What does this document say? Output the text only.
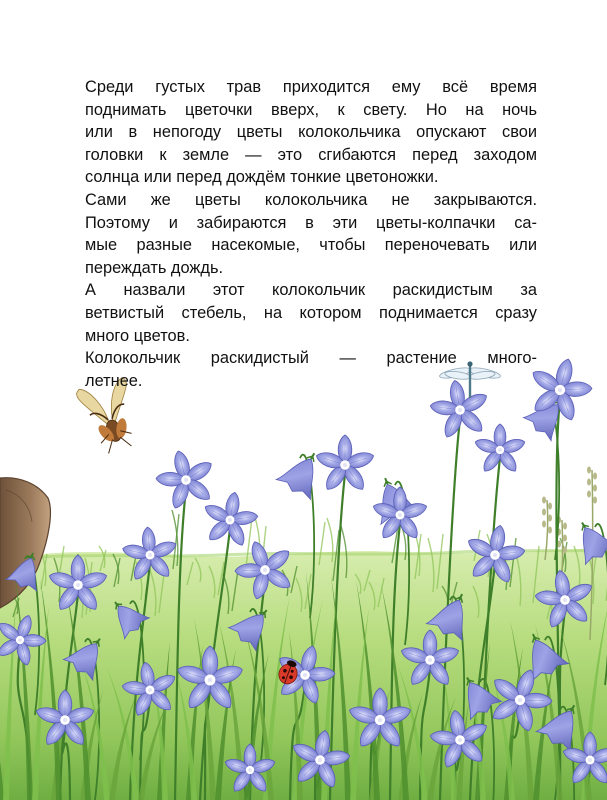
Среди густых трав приходится ему всё время
поднимать цветочки вверх, к свету. Но на ночь
или в непогоду цветы колокольчика опускают свои
головки к земле — это сгибаются перед заходом
солнца или перед дождём тонкие цветоножки.
Сами же цветы колокольчика не закрываются.
Поэтому и забираются в эти цветы-колпачки са-
мые разные насекомые, чтобы переночевать или
переждать дождь.
А назвали этот колокольчик раскидистым за
ветвистый стебель, на котором поднимается сразу
много цветов.
Колокольчик раскидистый — растение много-
летнее.
